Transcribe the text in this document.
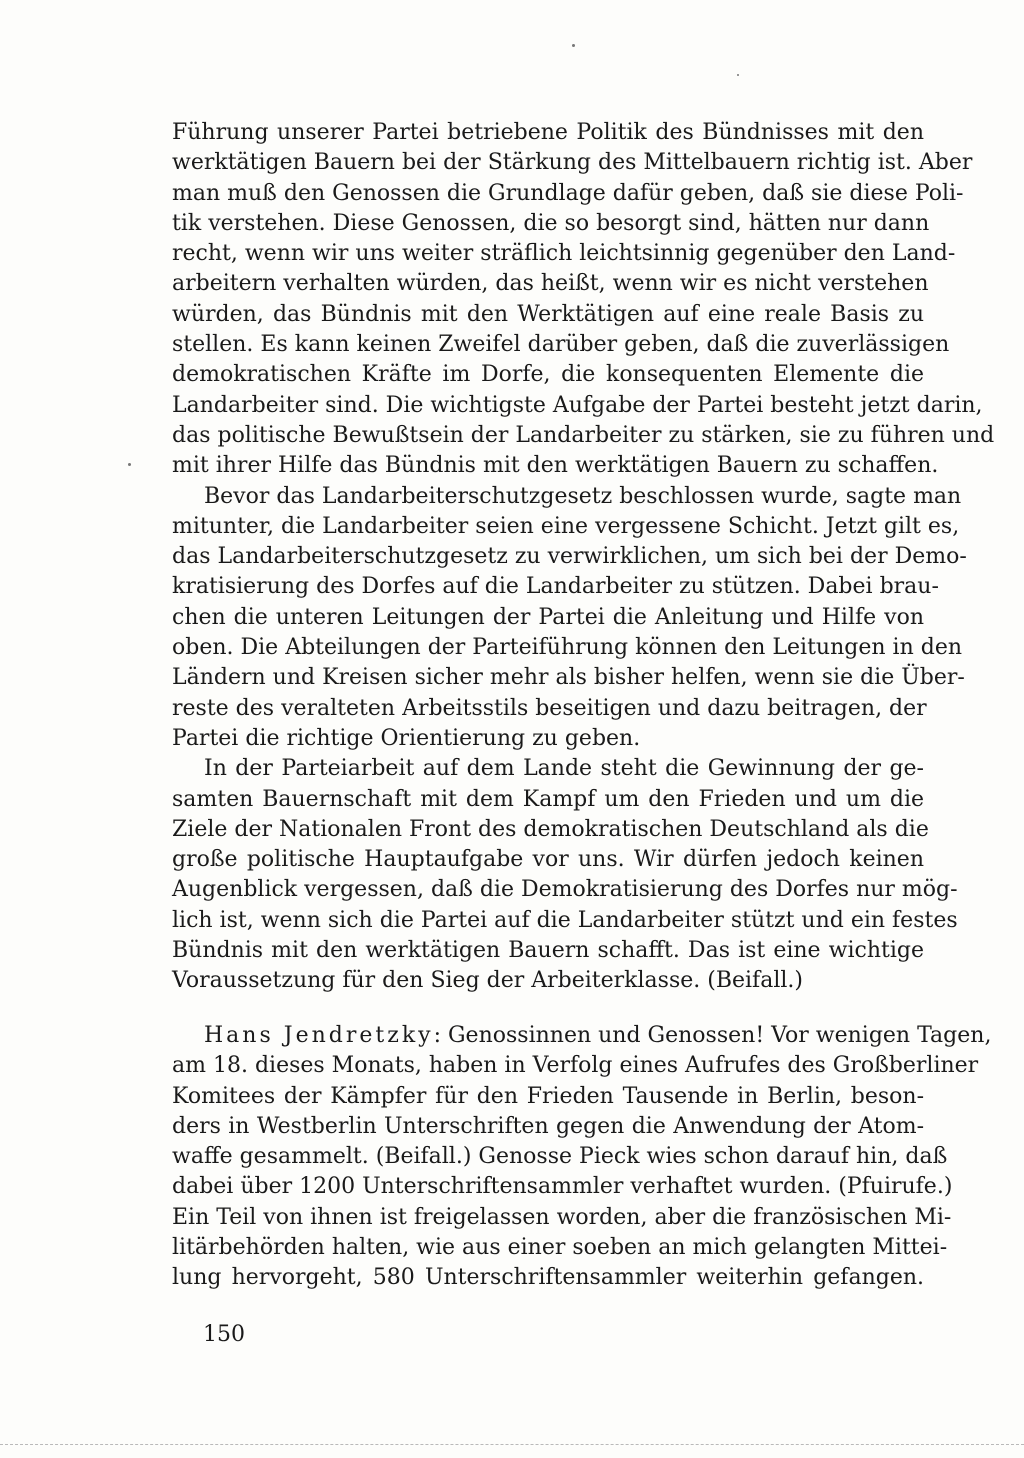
Führung unserer Partei betriebene Politik des Bündnisses mit den
werktätigen Bauern bei der Stärkung des Mittelbauern richtig ist. Aber
man muß den Genossen die Grundlage dafür geben, daß sie diese Poli-
tik verstehen. Diese Genossen, die so besorgt sind, hätten nur dann
recht, wenn wir uns weiter sträflich leichtsinnig gegenüber den Land-
arbeitern verhalten würden, das heißt, wenn wir es nicht verstehen
würden, das Bündnis mit den Werktätigen auf eine reale Basis zu
stellen. Es kann keinen Zweifel darüber geben, daß die zuverlässigen
demokratischen Kräfte im Dorfe, die konsequenten Elemente die
Landarbeiter sind. Die wichtigste Aufgabe der Partei besteht jetzt darin,
das politische Bewußtsein der Landarbeiter zu stärken, sie zu führen und
mit ihrer Hilfe das Bündnis mit den werktätigen Bauern zu schaffen.
Bevor das Landarbeiterschutzgesetz beschlossen wurde, sagte man
mitunter, die Landarbeiter seien eine vergessene Schicht. Jetzt gilt es,
das Landarbeiterschutzgesetz zu verwirklichen, um sich bei der Demo-
kratisierung des Dorfes auf die Landarbeiter zu stützen. Dabei brau-
chen die unteren Leitungen der Partei die Anleitung und Hilfe von
oben. Die Abteilungen der Parteiführung können den Leitungen in den
Ländern und Kreisen sicher mehr als bisher helfen, wenn sie die Über-
reste des veralteten Arbeitsstils beseitigen und dazu beitragen, der
Partei die richtige Orientierung zu geben.
In der Parteiarbeit auf dem Lande steht die Gewinnung der ge-
samten Bauernschaft mit dem Kampf um den Frieden und um die
Ziele der Nationalen Front des demokratischen Deutschland als die
große politische Hauptaufgabe vor uns. Wir dürfen jedoch keinen
Augenblick vergessen, daß die Demokratisierung des Dorfes nur mög-
lich ist, wenn sich die Partei auf die Landarbeiter stützt und ein festes
Bündnis mit den werktätigen Bauern schafft. Das ist eine wichtige
Voraussetzung für den Sieg der Arbeiterklasse. (Beifall.)
Hans Jendretzky: Genossinnen und Genossen! Vor wenigen Tagen,
am 18. dieses Monats, haben in Verfolg eines Aufrufes des Großberliner
Komitees der Kämpfer für den Frieden Tausende in Berlin, beson-
ders in Westberlin Unterschriften gegen die Anwendung der Atom-
waffe gesammelt. (Beifall.) Genosse Pieck wies schon darauf hin, daß
dabei über 1200 Unterschriftensammler verhaftet wurden. (Pfuirufe.)
Ein Teil von ihnen ist freigelassen worden, aber die französischen Mi-
litärbehörden halten, wie aus einer soeben an mich gelangten Mittei-
lung hervorgeht, 580 Unterschriftensammler weiterhin gefangen.
150
